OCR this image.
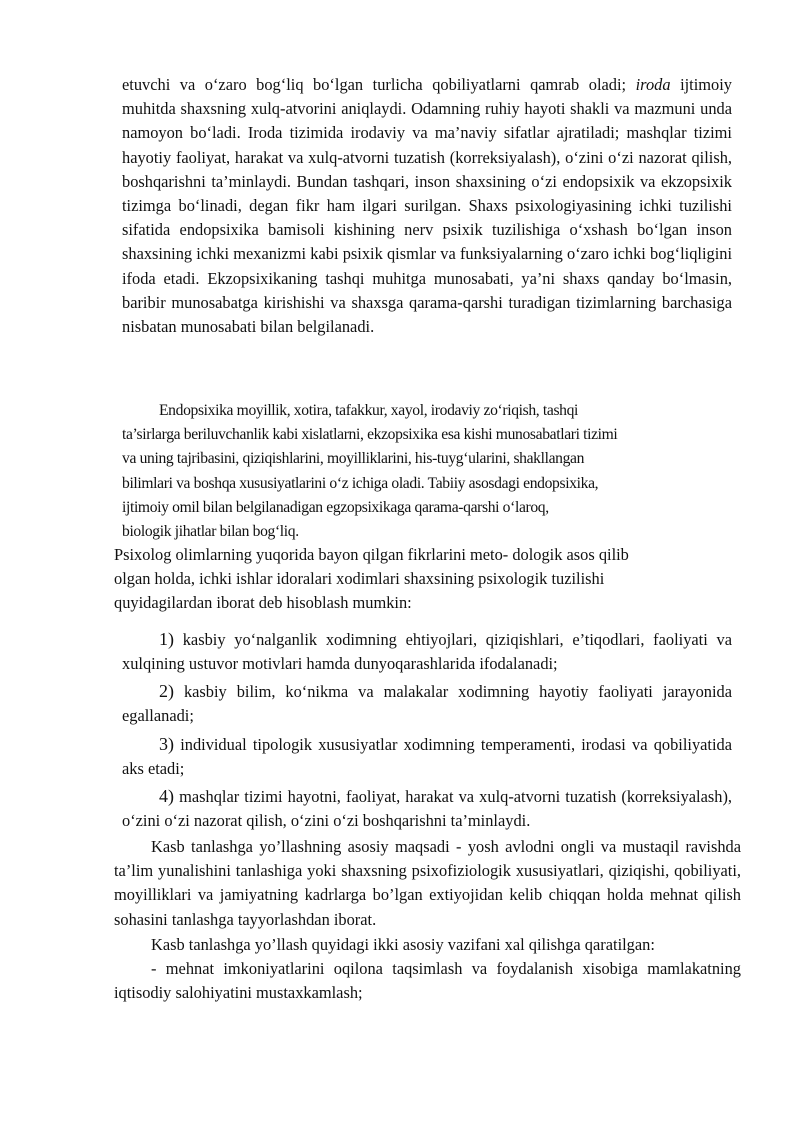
etuvchi va o‘zaro bog‘liq bo‘lgan turlicha qobiliyatlarni qamrab oladi; iroda ijtimoiy muhitda shaxsning xulq-atvorini aniqlaydi. Odamning ruhiy hayoti shakli va mazmuni unda namoyon bo‘ladi. Iroda tizimida irodaviy va ma’naviy sifatlar ajratiladi; mashqlar tizimi hayotiy faoliyat, harakat va xulq-atvorni tuzatish (korreksiyalash), o‘zini o‘zi nazorat qilish, boshqarishni ta’minlaydi. Bundan tashqari, inson shaxsining o‘zi endopsixik va ekzopsixik tizimga bo‘linadi, degan fikr ham ilgari surilgan. Shaxs psixologiyasining ichki tuzilishi sifatida endopsixika bamisoli kishining nerv psixik tuzilishiga o‘xshash bo‘lgan inson shaxsining ichki mexanizmi kabi psixik qismlar va funksiyalarning o‘zaro ichki bog‘liqligini ifoda etadi. Ekzopsixikaning tashqi muhitga munosabati, ya’ni shaxs qanday bo‘lmasin, baribir munosabatga kirishishi va shaxsga qarama-qarshi turadigan tizimlarning barchasiga nisbatan munosabati bilan belgilanadi.

Endopsixika moyillik, xotira, tafakkur, xayol, irodaviy zo‘riqish, tashqi
ta’sirlarga beriluvchanlik kabi xislatlarni, ekzopsixika esa kishi munosabatlari tizimi
va uning tajribasini, qiziqishlarini, moyilliklarini, his-tuyg‘ularini, shakllangan
bilimlari va boshqa xususiyatlarini o‘z ichiga oladi. Tabiiy asosdagi endopsixika,
ijtimoiy omil bilan belgilanadigan egzopsixikaga qarama-qarshi o‘laroq,
biologik jihatlar bilan bog‘liq.

Psixolog olimlarning yuqorida bayon qilgan fikrlarini meto- dologik asos qilib
olgan holda, ichki ishlar idoralari xodimlari shaxsining psixologik tuzilishi
quyidagilardan iborat deb hisoblash mumkin:

1) kasbiy yo‘nalganlik xodimning ehtiyojlari, qiziqishlari, e’tiqodlari, faoliyati va xulqining ustuvor motivlari hamda dunyoqarashlarida ifodalanadi;

2) kasbiy bilim, ko‘nikma va malakalar xodimning hayotiy faoliyati jarayonida egallanadi;

3) individual tipologik xususiyatlar xodimning temperamenti, irodasi va qobiliyatida aks etadi;

4) mashqlar tizimi hayotni, faoliyat, harakat va xulq-atvorni tuzatish (korreksiyalash), o‘zini o‘zi nazorat qilish, o‘zini o‘zi boshqarishni ta’minlaydi.

Kasb tanlashga yo’llashning asosiy maqsadi - yosh avlodni ongli va mustaqil ravishda ta’lim yunalishini tanlashiga yoki shaxsning psixofiziologik xususiyatlari, qiziqishi, qobiliyati, moyilliklari va jamiyatning kadrlarga bo’lgan extiyojidan kelib chiqqan holda mehnat qilish sohasini tanlashga tayyorlashdan iborat.

Kasb tanlashga yo’llash quyidagi ikki asosiy vazifani xal qilishga qaratilgan:

- mehnat imkoniyatlarini oqilona taqsimlash va foydalanish xisobiga mamlakatning iqtisodiy salohiyatini mustaxkamlash;
